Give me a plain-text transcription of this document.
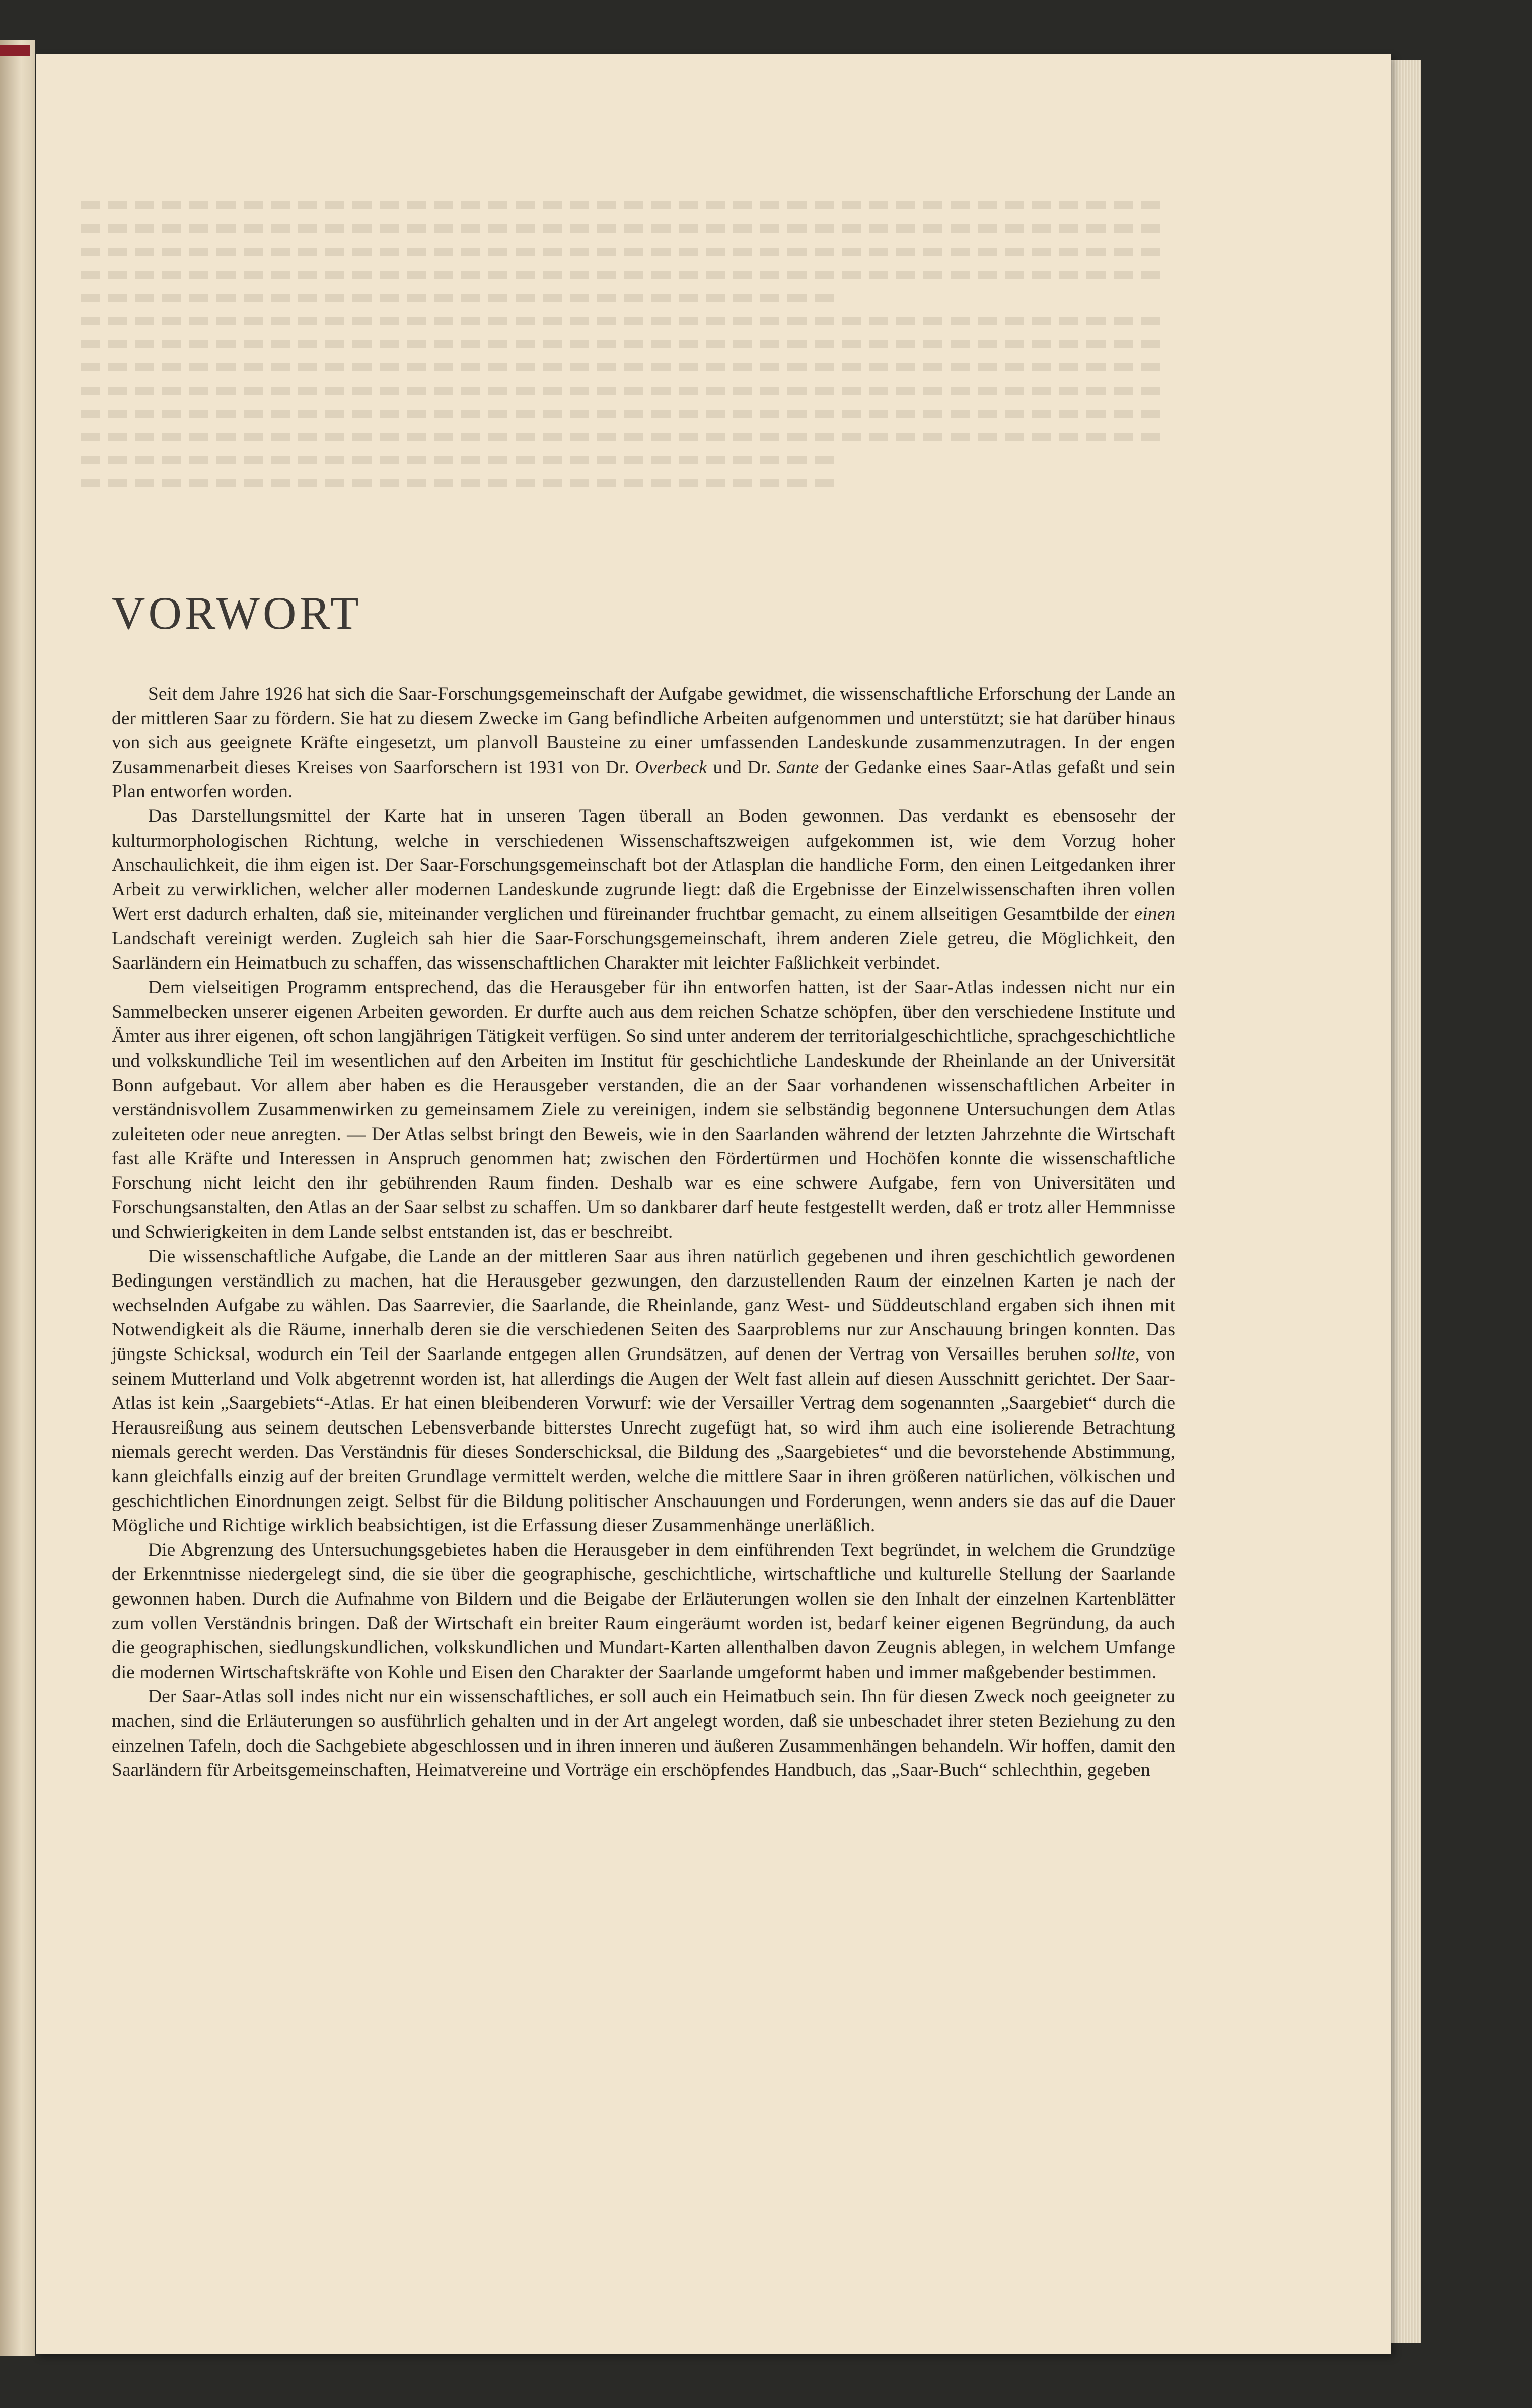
VORWORT

Seit dem Jahre 1926 hat sich die Saar-Forschungsgemeinschaft der Aufgabe gewidmet, die wissenschaftliche Erforschung der Lande an der mittleren Saar zu fördern. Sie hat zu diesem Zwecke im Gang befindliche Arbeiten aufgenommen und unterstützt; sie hat darüber hinaus von sich aus geeignete Kräfte eingesetzt, um planvoll Bausteine zu einer umfassenden Landeskunde zusammenzutragen. In der engen Zusammenarbeit dieses Kreises von Saarforschern ist 1931 von Dr. Overbeck und Dr. Sante der Gedanke eines Saar-Atlas gefaßt und sein Plan entworfen worden.

Das Darstellungsmittel der Karte hat in unseren Tagen überall an Boden gewonnen. Das verdankt es ebensosehr der kulturmorphologischen Richtung, welche in verschiedenen Wissenschaftszweigen aufgekommen ist, wie dem Vorzug hoher Anschaulichkeit, die ihm eigen ist. Der Saar-Forschungsgemeinschaft bot der Atlasplan die handliche Form, den einen Leitgedanken ihrer Arbeit zu verwirklichen, welcher aller modernen Landeskunde zugrunde liegt: daß die Ergebnisse der Einzelwissenschaften ihren vollen Wert erst dadurch erhalten, daß sie, miteinander verglichen und füreinander fruchtbar gemacht, zu einem allseitigen Gesamtbilde der einen Landschaft vereinigt werden. Zugleich sah hier die Saar-Forschungsgemeinschaft, ihrem anderen Ziele getreu, die Möglichkeit, den Saarländern ein Heimatbuch zu schaffen, das wissenschaftlichen Charakter mit leichter Faßlichkeit verbindet.

Dem vielseitigen Programm entsprechend, das die Herausgeber für ihn entworfen hatten, ist der Saar-Atlas indessen nicht nur ein Sammelbecken unserer eigenen Arbeiten geworden. Er durfte auch aus dem reichen Schatze schöpfen, über den verschiedene Institute und Ämter aus ihrer eigenen, oft schon langjährigen Tätigkeit verfügen. So sind unter anderem der territorialgeschichtliche, sprachgeschichtliche und volkskundliche Teil im wesentlichen auf den Arbeiten im Institut für geschichtliche Landeskunde der Rheinlande an der Universität Bonn aufgebaut. Vor allem aber haben es die Herausgeber verstanden, die an der Saar vorhandenen wissenschaftlichen Arbeiter in verständnisvollem Zusammenwirken zu gemeinsamem Ziele zu vereinigen, indem sie selbständig begonnene Untersuchungen dem Atlas zuleiteten oder neue anregten. — Der Atlas selbst bringt den Beweis, wie in den Saarlanden während der letzten Jahrzehnte die Wirtschaft fast alle Kräfte und Interessen in Anspruch genommen hat; zwischen den Fördertürmen und Hochöfen konnte die wissenschaftliche Forschung nicht leicht den ihr gebührenden Raum finden. Deshalb war es eine schwere Aufgabe, fern von Universitäten und Forschungsanstalten, den Atlas an der Saar selbst zu schaffen. Um so dankbarer darf heute festgestellt werden, daß er trotz aller Hemmnisse und Schwierigkeiten in dem Lande selbst entstanden ist, das er beschreibt.

Die wissenschaftliche Aufgabe, die Lande an der mittleren Saar aus ihren natürlich gegebenen und ihren geschichtlich gewordenen Bedingungen verständlich zu machen, hat die Herausgeber gezwungen, den darzustellenden Raum der einzelnen Karten je nach der wechselnden Aufgabe zu wählen. Das Saarrevier, die Saarlande, die Rheinlande, ganz West- und Süddeutschland ergaben sich ihnen mit Notwendigkeit als die Räume, innerhalb deren sie die verschiedenen Seiten des Saarproblems nur zur Anschauung bringen konnten. Das jüngste Schicksal, wodurch ein Teil der Saarlande entgegen allen Grundsätzen, auf denen der Vertrag von Versailles beruhen sollte, von seinem Mutterland und Volk abgetrennt worden ist, hat allerdings die Augen der Welt fast allein auf diesen Ausschnitt gerichtet. Der Saar-Atlas ist kein „Saargebiets“-Atlas. Er hat einen bleibenderen Vorwurf: wie der Versailler Vertrag dem sogenannten „Saargebiet“ durch die Herausreißung aus seinem deutschen Lebensverbande bitterstes Unrecht zugefügt hat, so wird ihm auch eine isolierende Betrachtung niemals gerecht werden. Das Verständnis für dieses Sonderschicksal, die Bildung des „Saargebietes“ und die bevorstehende Abstimmung, kann gleichfalls einzig auf der breiten Grundlage vermittelt werden, welche die mittlere Saar in ihren größeren natürlichen, völkischen und geschichtlichen Einordnungen zeigt. Selbst für die Bildung politischer Anschauungen und Forderungen, wenn anders sie das auf die Dauer Mögliche und Richtige wirklich beabsichtigen, ist die Erfassung dieser Zusammenhänge unerläßlich.

Die Abgrenzung des Untersuchungsgebietes haben die Herausgeber in dem einführenden Text begründet, in welchem die Grundzüge der Erkenntnisse niedergelegt sind, die sie über die geographische, geschichtliche, wirtschaftliche und kulturelle Stellung der Saarlande gewonnen haben. Durch die Aufnahme von Bildern und die Beigabe der Erläuterungen wollen sie den Inhalt der einzelnen Kartenblätter zum vollen Verständnis bringen. Daß der Wirtschaft ein breiter Raum eingeräumt worden ist, bedarf keiner eigenen Begründung, da auch die geographischen, siedlungskundlichen, volkskundlichen und Mundart-Karten allenthalben davon Zeugnis ablegen, in welchem Umfange die modernen Wirtschaftskräfte von Kohle und Eisen den Charakter der Saarlande umgeformt haben und immer maßgebender bestimmen.

Der Saar-Atlas soll indes nicht nur ein wissenschaftliches, er soll auch ein Heimatbuch sein. Ihn für diesen Zweck noch geeigneter zu machen, sind die Erläuterungen so ausführlich gehalten und in der Art angelegt worden, daß sie unbeschadet ihrer steten Beziehung zu den einzelnen Tafeln, doch die Sachgebiete abgeschlossen und in ihren inneren und äußeren Zusammenhängen behandeln. Wir hoffen, damit den Saarländern für Arbeitsgemeinschaften, Heimatvereine und Vorträge ein erschöpfendes Handbuch, das „Saar-Buch“ schlechthin, gegeben
